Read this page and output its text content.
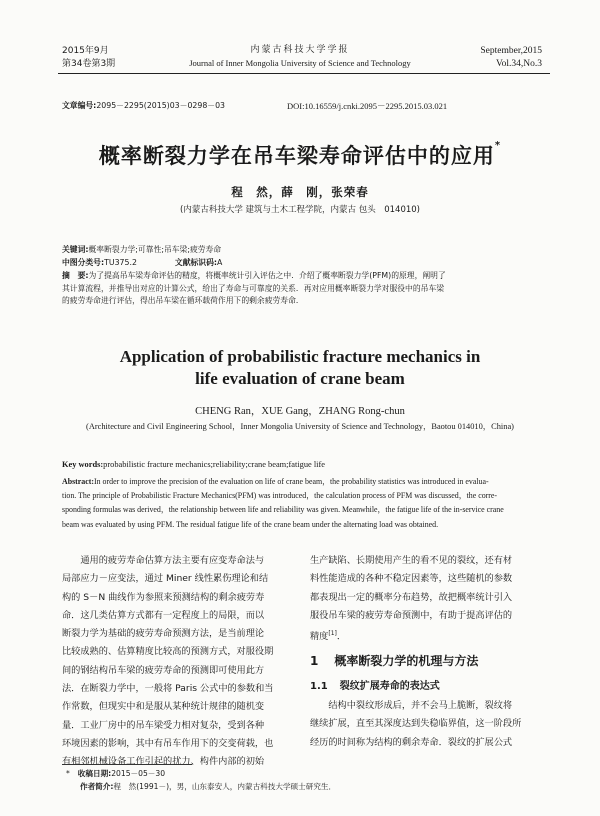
2015年9月
第34卷第3期
内蒙古科技大学学报
Journal of Inner Mongolia University of Science and Technology
September,2015
Vol.34,No.3
文章编号:2095－2295(2015)03－0298－03	DOI:10.16559/j.cnki.2095－2295.2015.03.021
概率断裂力学在吊车梁寿命评估中的应用*
程　然，薛　刚，张荣春
(内蒙古科技大学 建筑与土木工程学院，内蒙古 包头　014010)
关键词:概率断裂力学;可靠性;吊车梁;疲劳寿命
中图分类号:TU375.2	文献标识码:A
摘　要:为了提高吊车梁寿命评估的精度，将概率统计引入评估之中．介绍了概率断裂力学(PFM)的原理，阐明了
其计算流程，并推导出对应的计算公式，给出了寿命与可靠度的关系．再对应用概率断裂力学对服役中的吊车梁
的疲劳寿命进行评估，得出吊车梁在循环载荷作用下的剩余疲劳寿命．
Application of probabilistic fracture mechanics in
life evaluation of crane beam
CHENG Ran，XUE Gang，ZHANG Rong-chun
(Architecture and Civil Engineering School，Inner Mongolia University of Science and Technology，Baotou 014010，China)
Key words:probabilistic fracture mechanics;reliability;crane beam;fatigue life
Abstract:In order to improve the precision of the evaluation on life of crane beam，the probability statistics was introduced in evalua-
tion. The principle of Probabilistic Fracture Mechanics(PFM) was introduced，the calculation process of PFM was discussed，the corre-
sponding formulas was derived，the relationship between life and reliability was given. Meanwhile，the fatigue life of the in-service crane
beam was evaluated by using PFM. The residual fatigue life of the crane beam under the alternating load was obtained.
　　通用的疲劳寿命估算方法主要有应变寿命法与
局部应力－应变法，通过 Miner 线性累伤理论和结
构的 S－N 曲线作为参照来预测结构的剩余疲劳寿
命．这几类估算方式都有一定程度上的局限，而以
断裂力学为基础的疲劳寿命预测方法，是当前理论
比较成熟的、估算精度比较高的预测方式，对服役期
间的钢结构吊车梁的疲劳寿命的预测即可使用此方
法．在断裂力学中，一般将 Paris 公式中的参数和当
作常数，但现实中和是服从某种统计规律的随机变
量．工业厂房中的吊车梁受力相对复杂，受到各种
环境因素的影响，其中有吊车作用下的交变荷载，也
有相邻机械设备工作引起的扰力、构件内部的初始
生产缺陷、长期使用产生的看不见的裂纹，还有材
料性能造成的各种不稳定因素等，这些随机的参数
都表现出一定的概率分布趋势，故把概率统计引入
服役吊车梁的疲劳寿命预测中，有助于提高评估的
精度[1]．
1 概率断裂力学的机理与方法
1.1 裂纹扩展寿命的表达式
　　结构中裂纹形成后，并不会马上脆断，裂纹将
继续扩展，直至其深度达到失稳临界值，这一阶段所
经历的时间称为结构的剩余寿命．裂纹的扩展公式
* 收稿日期:2015－05－30
作者简介:程　然(1991－)，男，山东泰安人，内蒙古科技大学硕士研究生．
